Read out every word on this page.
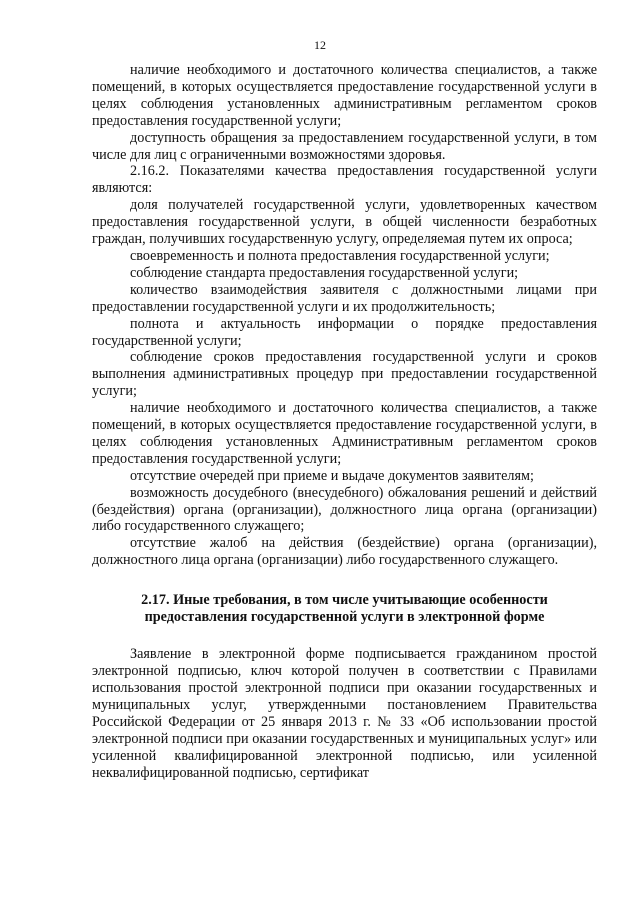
12

наличие необходимого и достаточного количества специалистов, а также помещений, в которых осуществляется предоставление государственной услуги в целях соблюдения установленных административным регламентом сроков предоставления государственной услуги;

доступность обращения за предоставлением государственной услуги, в том числе для лиц с ограниченными возможностями здоровья.

2.16.2. Показателями качества предоставления государственной услуги являются:

доля получателей государственной услуги, удовлетворенных качеством предоставления государственной услуги, в общей численности безработных граждан, получивших государственную услугу, определяемая путем их опроса;

своевременность и полнота предоставления государственной услуги;

соблюдение стандарта предоставления государственной услуги;

количество взаимодействия заявителя с должностными лицами при предоставлении государственной услуги и их продолжительность;

полнота и актуальность информации о порядке предоставления государственной услуги;

соблюдение сроков предоставления государственной услуги и сроков выполнения административных процедур при предоставлении государственной услуги;

наличие необходимого и достаточного количества специалистов, а также помещений, в которых осуществляется предоставление государственной услуги, в целях соблюдения установленных Административным регламентом сроков предоставления государственной услуги;

отсутствие очередей при приеме и выдаче документов заявителям;

возможность досудебного (внесудебного) обжалования решений и действий (бездействия) органа (организации), должностного лица органа (организации) либо государственного служащего;

отсутствие жалоб на действия (бездействие) органа (организации), должностного лица органа (организации) либо государственного служащего.

2.17. Иные требования, в том числе учитывающие особенности предоставления государственной услуги в электронной форме

Заявление в электронной форме подписывается гражданином простой электронной подписью, ключ которой получен в соответствии с Правилами использования простой электронной подписи при оказании государственных и муниципальных услуг, утвержденными постановлением Правительства Российской Федерации от 25 января 2013 г. № 33 «Об использовании простой электронной подписи при оказании государственных и муниципальных услуг» или усиленной квалифицированной электронной подписью, или усиленной неквалифицированной подписью, сертификат
